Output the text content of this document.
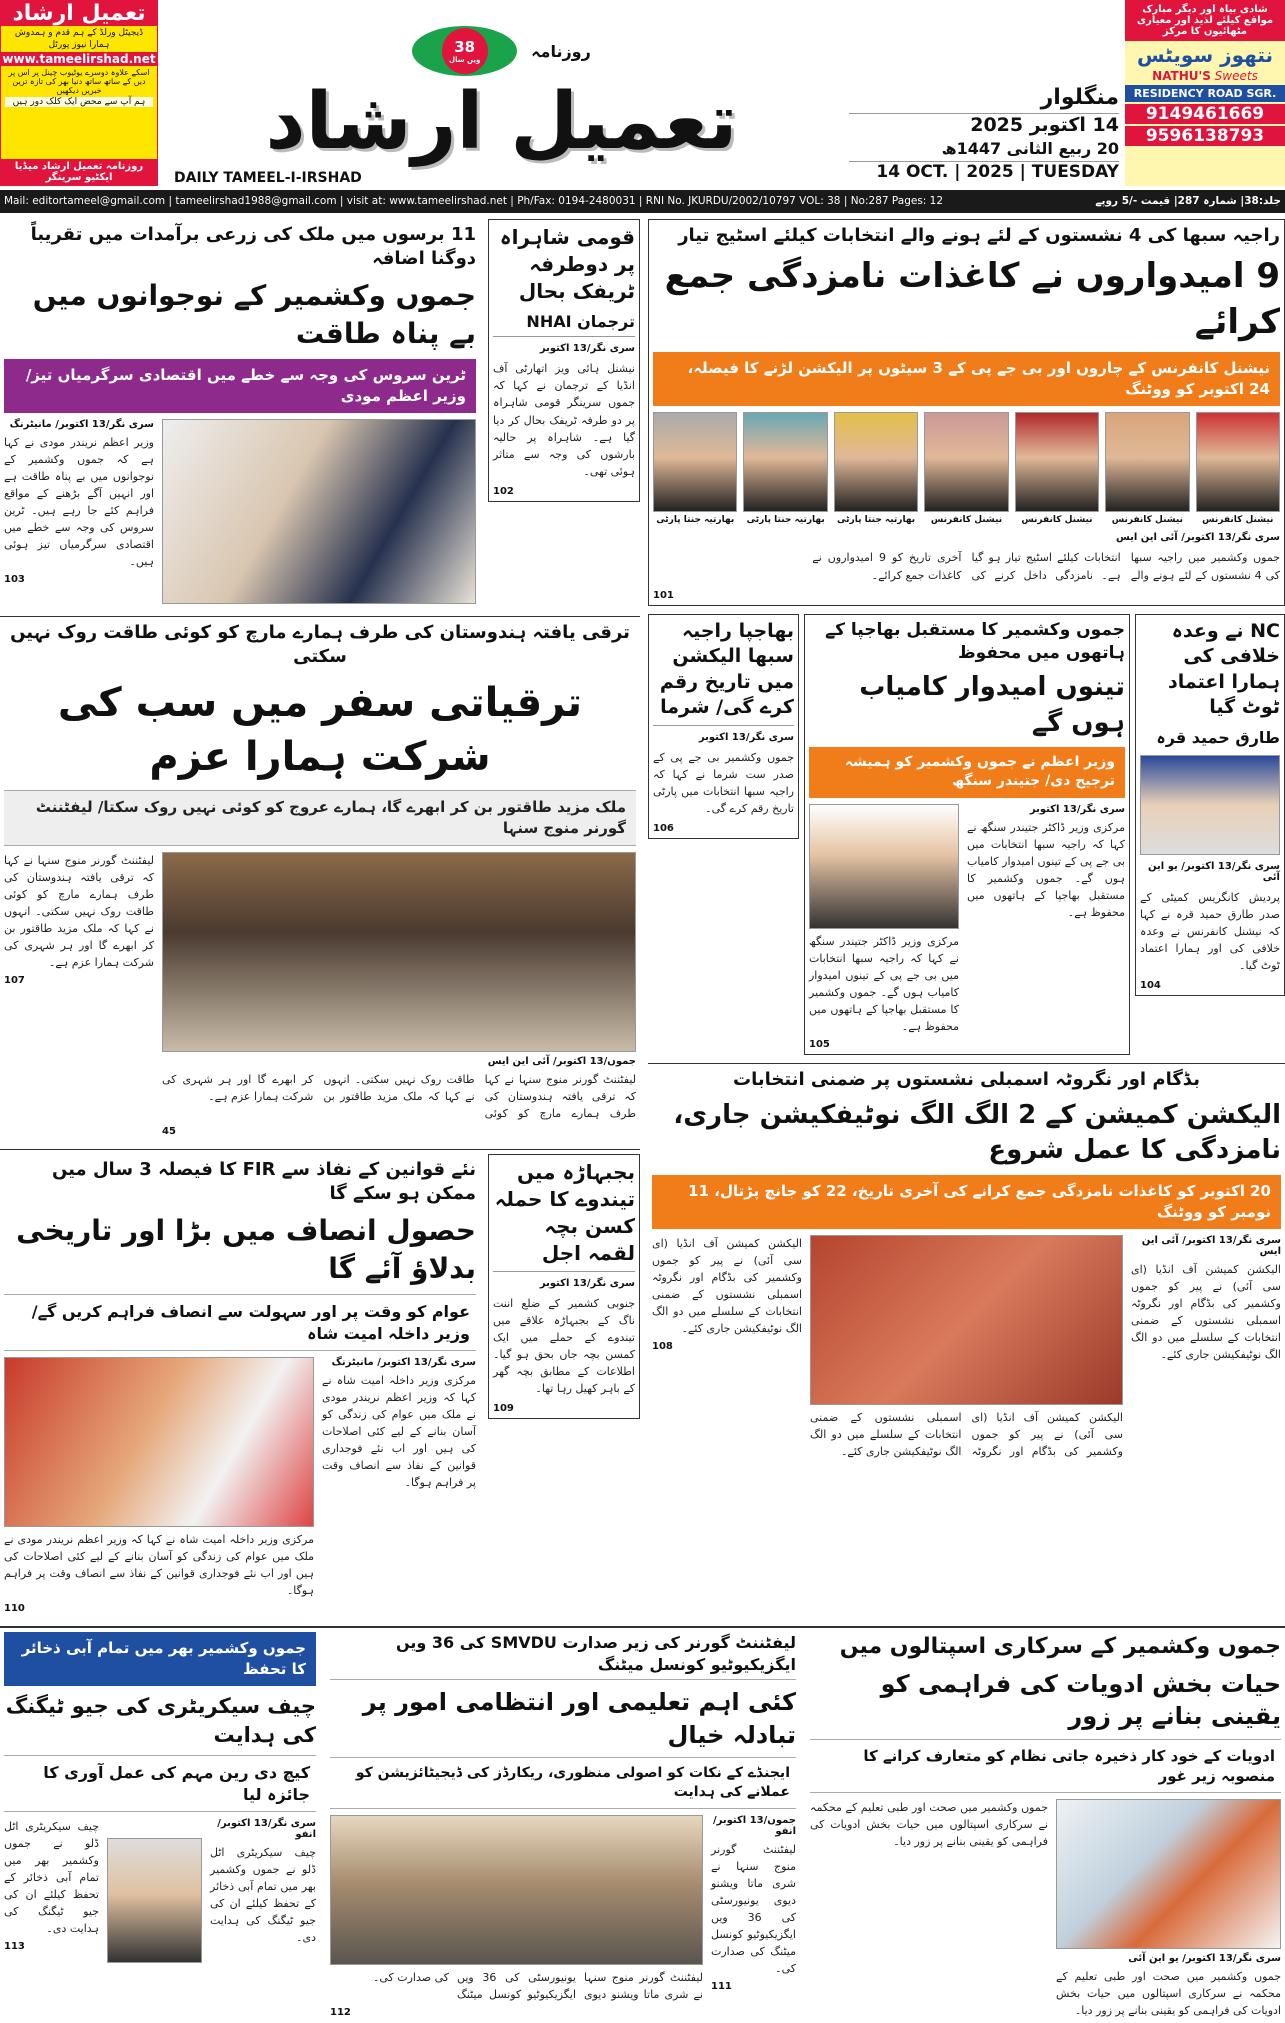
تعمیل ارشاد
ڈیجیٹل ورلڈ کے ہم قدم و ہمدوش
ہمارا نیوز پورٹل
www.tameelirshad.net
اسکے علاوہ دوسرے یوٹیوب چینل پر اس پر دیں کے ساتھ ساتھ دنیا بھر کی تازہ ترین خبریں دیکھیں
ہم آپ سے محض ایک کلک دور ہیں
روزنامہ تعمیل ارشاد میڈیا ایکٹیو سرینگر
38
ویں سال	روزنامہ
تعمیل ارشاد
DAILY TAMEEL-I-IRSHAD
منگلوار
14 اکتوبر 2025
20 ربیع الثانی 1447ھ
14 OCT. | 2025 | TUESDAY
شادی بیاہ اور دیگر مبارک مواقع کیلئے لذیذ اور معیاری مٹھائیوں کا مرکز
نتھوز سویٹس
NATHU'S Sweets
RESIDENCY ROAD SGR.
9149461669
9596138793
Mail: editortameel@gmail.com | tameelirshad1988@gmail.com | visit at: www.tameelirshad.net | Ph/Fax: 0194-2480031 | RNI No. JKURDU/2002/10797 VOL: 38 | No:287 Pages: 12	جلد:38| شمارہ 287| قیمت -/5 روپے
11 برسوں میں ملک کی زرعی برآمدات میں تقریباً دوگنا اضافہ
جموں وکشمیر کے نوجوانوں میں بے پناہ طاقت
ٹرین سروس کی وجہ سے خطے میں اقتصادی سرگرمیاں تیز/ وزیر اعظم مودی
سری نگر/13 اکتوبر/ مانیٹرنگ
وزیر اعظم نریندر مودی نے کہا ہے کہ جموں وکشمیر کے نوجوانوں میں بے پناہ طاقت ہے اور انہیں آگے بڑھنے کے مواقع فراہم کئے جا رہے ہیں۔ ٹرین سروس کی وجہ سے خطے میں اقتصادی سرگرمیاں تیز ہوئی ہیں۔
103
قومی شاہراہ پر دوطرفہ ٹریفک بحال
ترجمان NHAI
سری نگر/13 اکتوبر
نیشنل ہائی ویز اتھارٹی آف انڈیا کے ترجمان نے کہا کہ جموں سرینگر قومی شاہراہ پر دو طرفہ ٹریفک بحال کر دیا گیا ہے۔ شاہراہ پر حالیہ بارشوں کی وجہ سے متاثر ہوئی تھی۔
102
ترقی یافتہ ہندوستان کی طرف ہمارے مارچ کو کوئی طاقت روک نہیں سکتی
ترقیاتی سفر میں سب کی شرکت ہمارا عزم
ملک مزید طاقتور بن کر ابھرے گا، ہمارے عروج کو کوئی نہیں روک سکتا/ لیفٹننٹ گورنر منوج سنہا
لیفٹننٹ گورنر منوج سنہا نے کہا کہ ترقی یافتہ ہندوستان کی طرف ہمارے مارچ کو کوئی طاقت روک نہیں سکتی۔ انہوں نے کہا کہ ملک مزید طاقتور بن کر ابھرے گا اور ہر شہری کی شرکت ہمارا عزم ہے۔
107
جموں/13 اکتوبر/ آئی این ایس
لیفٹننٹ گورنر منوج سنہا نے کہا کہ ترقی یافتہ ہندوستان کی طرف ہمارے مارچ کو کوئی طاقت روک نہیں سکتی۔ انہوں نے کہا کہ ملک مزید طاقتور بن کر ابھرے گا اور ہر شہری کی شرکت ہمارا عزم ہے۔
45
نئے قوانین کے نفاذ سے FIR کا فیصلہ 3 سال میں ممکن ہو سکے گا
حصول انصاف میں بڑا اور تاریخی بدلاؤ آئے گا
عوام کو وقت پر اور سہولت سے انصاف فراہم کریں گے/ وزیر داخلہ امیت شاہ
مرکزی وزیر داخلہ امیت شاہ نے کہا کہ وزیر اعظم نریندر مودی نے ملک میں عوام کی زندگی کو آسان بنانے کے لیے کئی اصلاحات کی ہیں اور اب نئے فوجداری قوانین کے نفاذ سے انصاف وقت پر فراہم ہوگا۔
110
سری نگر/13 اکتوبر/ مانیٹرنگ
مرکزی وزیر داخلہ امیت شاہ نے کہا کہ وزیر اعظم نریندر مودی نے ملک میں عوام کی زندگی کو آسان بنانے کے لیے کئی اصلاحات کی ہیں اور اب نئے فوجداری قوانین کے نفاذ سے انصاف وقت پر فراہم ہوگا۔
بجبہاڑہ میں تیندوے کا حملہ کسن بچہ لقمہ اجل
سری نگر/13 اکتوبر
جنوبی کشمیر کے ضلع اننت ناگ کے بجبہاڑہ علاقے میں تیندوے کے حملے میں ایک کمسن بچہ جاں بحق ہو گیا۔ اطلاعات کے مطابق بچہ گھر کے باہر کھیل رہا تھا۔
109
راجیہ سبھا کی 4 نشستوں کے لئے ہونے والے انتخابات کیلئے اسٹیج تیار
9 امیدواروں نے کاغذات نامزدگی جمع کرائے
نیشنل کانفرنس کے چاروں اور بی جے پی کے 3 سیٹوں پر الیکشن لڑنے کا فیصلہ، 24 اکتوبر کو ووٹنگ
نیشنل کانفرنس
نیشنل کانفرنس
نیشنل کانفرنس
نیشنل کانفرنس
بھارتیہ جنتا پارٹی
بھارتیہ جنتا پارٹی
بھارتیہ جنتا پارٹی
سری نگر/13 اکتوبر/ آئی این ایس
جموں وکشمیر میں راجیہ سبھا کی 4 نشستوں کے لئے ہونے والے انتخابات کیلئے اسٹیج تیار ہو گیا ہے۔ نامزدگی داخل کرنے کی آخری تاریخ کو 9 امیدواروں نے کاغذات جمع کرائے۔
101
NC نے وعدہ خلافی کی ہمارا اعتماد ٹوٹ گیا
طارق حمید قرہ
سری نگر/13 اکتوبر/ یو این آئی
پردیش کانگریس کمیٹی کے صدر طارق حمید قرہ نے کہا کہ نیشنل کانفرنس نے وعدہ خلافی کی اور ہمارا اعتماد ٹوٹ گیا۔
104
جموں وکشمیر کا مستقبل بھاجپا کے ہاتھوں میں محفوظ
تینوں امیدوار کامیاب ہوں گے
وزیر اعظم نے جموں وکشمیر کو ہمیشہ ترجیح دی/ جتیندر سنگھ
مرکزی وزیر ڈاکٹر جتیندر سنگھ نے کہا کہ راجیہ سبھا انتخابات میں بی جے پی کے تینوں امیدوار کامیاب ہوں گے۔ جموں وکشمیر کا مستقبل بھاجپا کے ہاتھوں میں محفوظ ہے۔
105
سری نگر/13 اکتوبر
مرکزی وزیر ڈاکٹر جتیندر سنگھ نے کہا کہ راجیہ سبھا انتخابات میں بی جے پی کے تینوں امیدوار کامیاب ہوں گے۔ جموں وکشمیر کا مستقبل بھاجپا کے ہاتھوں میں محفوظ ہے۔
بھاجپا راجیہ سبھا الیکشن میں تاریخ رقم کرے گی/ شرما
سری نگر/13 اکتوبر
جموں وکشمیر بی جے پی کے صدر ست شرما نے کہا کہ راجیہ سبھا انتخابات میں پارٹی تاریخ رقم کرے گی۔
106
بڈگام اور نگروٹہ اسمبلی نشستوں پر ضمنی انتخابات
الیکشن کمیشن کے 2 الگ الگ نوٹیفکیشن جاری، نامزدگی کا عمل شروع
20 اکتوبر کو کاغذات نامزدگی جمع کرانے کی آخری تاریخ، 22 کو جانچ پڑتال، 11 نومبر کو ووٹنگ
الیکشن کمیشن آف انڈیا (ای سی آئی) نے پیر کو جموں وکشمیر کی بڈگام اور نگروٹہ اسمبلی نشستوں کے ضمنی انتخابات کے سلسلے میں دو الگ الگ نوٹیفکیشن جاری کئے۔
108
الیکشن کمیشن آف انڈیا (ای سی آئی) نے پیر کو جموں وکشمیر کی بڈگام اور نگروٹہ اسمبلی نشستوں کے ضمنی انتخابات کے سلسلے میں دو الگ الگ نوٹیفکیشن جاری کئے۔
سری نگر/13 اکتوبر/ آئی این ایس
الیکشن کمیشن آف انڈیا (ای سی آئی) نے پیر کو جموں وکشمیر کی بڈگام اور نگروٹہ اسمبلی نشستوں کے ضمنی انتخابات کے سلسلے میں دو الگ الگ نوٹیفکیشن جاری کئے۔
جموں وکشمیر بھر میں تمام آبی ذخائر کا تحفظ
چیف سیکریٹری کی جیو ٹیگنگ کی ہدایت
کیچ دی رین مہم کی عمل آوری کا جائزہ لیا
چیف سیکریٹری اٹل ڈلو نے جموں وکشمیر بھر میں تمام آبی ذخائر کے تحفظ کیلئے ان کی جیو ٹیگنگ کی ہدایت دی۔
113
سری نگر/13 اکتوبر/ انفو
چیف سیکریٹری اٹل ڈلو نے جموں وکشمیر بھر میں تمام آبی ذخائر کے تحفظ کیلئے ان کی جیو ٹیگنگ کی ہدایت دی۔
لیفٹننٹ گورنر کی زیر صدارت SMVDU کی 36 ویں ایگزیکیوٹیو کونسل میٹنگ
کئی اہم تعلیمی اور انتظامی امور پر تبادلہ خیال
ایجنڈے کے نکات کو اصولی منظوری، ریکارڈز کی ڈیجیٹائزیشن کو عملانے کی ہدایت
لیفٹننٹ گورنر منوج سنہا نے شری ماتا ویشنو دیوی یونیورسٹی کی 36 ویں ایگزیکیوٹیو کونسل میٹنگ کی صدارت کی۔
112
جموں/13 اکتوبر/ انفو
لیفٹننٹ گورنر منوج سنہا نے شری ماتا ویشنو دیوی یونیورسٹی کی 36 ویں ایگزیکیوٹیو کونسل میٹنگ کی صدارت کی۔
111
جموں وکشمیر کے سرکاری اسپتالوں میں
حیات بخش ادویات کی فراہمی کو یقینی بنانے پر زور
ادویات کے خود کار ذخیرہ جاتی نظام کو متعارف کرانے کا منصوبہ زیر غور
جموں وکشمیر میں صحت اور طبی تعلیم کے محکمہ نے سرکاری اسپتالوں میں حیات بخش ادویات کی فراہمی کو یقینی بنانے پر زور دیا۔
سری نگر/13 اکتوبر/ یو این آئی
جموں وکشمیر میں صحت اور طبی تعلیم کے محکمہ نے سرکاری اسپتالوں میں حیات بخش ادویات کی فراہمی کو یقینی بنانے پر زور دیا۔
